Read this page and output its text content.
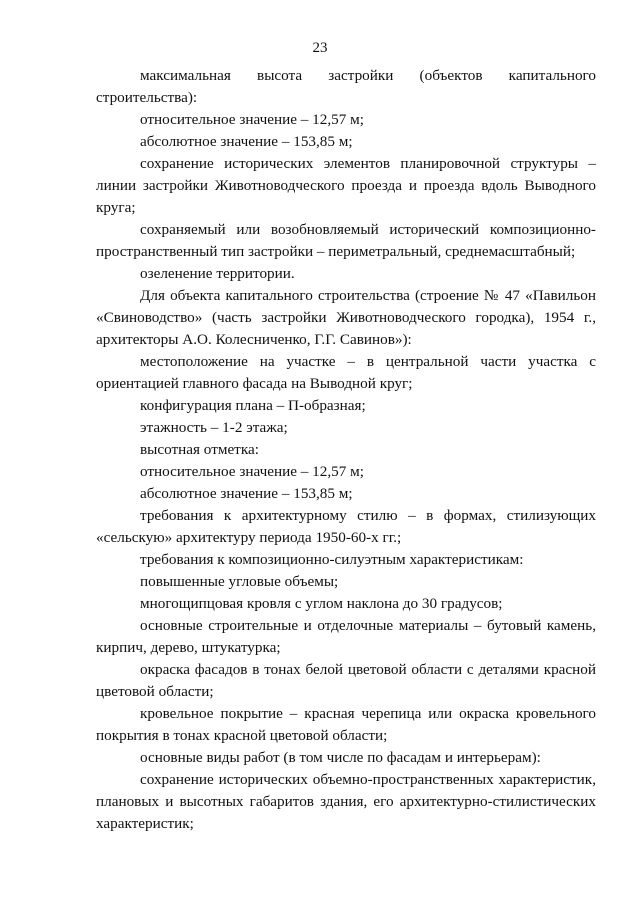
23

максимальная высота застройки (объектов капитального строительства):

относительное значение – 12,57 м;

абсолютное значение – 153,85 м;

сохранение исторических элементов планировочной структуры – линии застройки Животноводческого проезда и проезда вдоль Выводного круга;

сохраняемый или возобновляемый исторический композиционно-пространственный тип застройки – периметральный, среднемасштабный;

озеленение территории.

Для объекта капитального строительства (строение № 47 «Павильон «Свиноводство» (часть застройки Животноводческого городка), 1954 г., архитекторы А.О. Колесниченко, Г.Г. Савинов»):

местоположение на участке – в центральной части участка с ориентацией главного фасада на Выводной круг;

конфигурация плана – П-образная;

этажность – 1-2 этажа;

высотная отметка:

относительное значение – 12,57 м;

абсолютное значение – 153,85 м;

требования к архитектурному стилю – в формах, стилизующих «сельскую» архитектуру периода 1950-60-х гг.;

требования к композиционно-силуэтным характеристикам:

повышенные угловые объемы;

многощипцовая кровля с углом наклона до 30 градусов;

основные строительные и отделочные материалы – бутовый камень, кирпич, дерево, штукатурка;

окраска фасадов в тонах белой цветовой области с деталями красной цветовой области;

кровельное покрытие – красная черепица или окраска кровельного покрытия в тонах красной цветовой области;

основные виды работ (в том числе по фасадам и интерьерам):

сохранение исторических объемно-пространственных характеристик, плановых и высотных габаритов здания, его архитектурно-стилистических характеристик;
